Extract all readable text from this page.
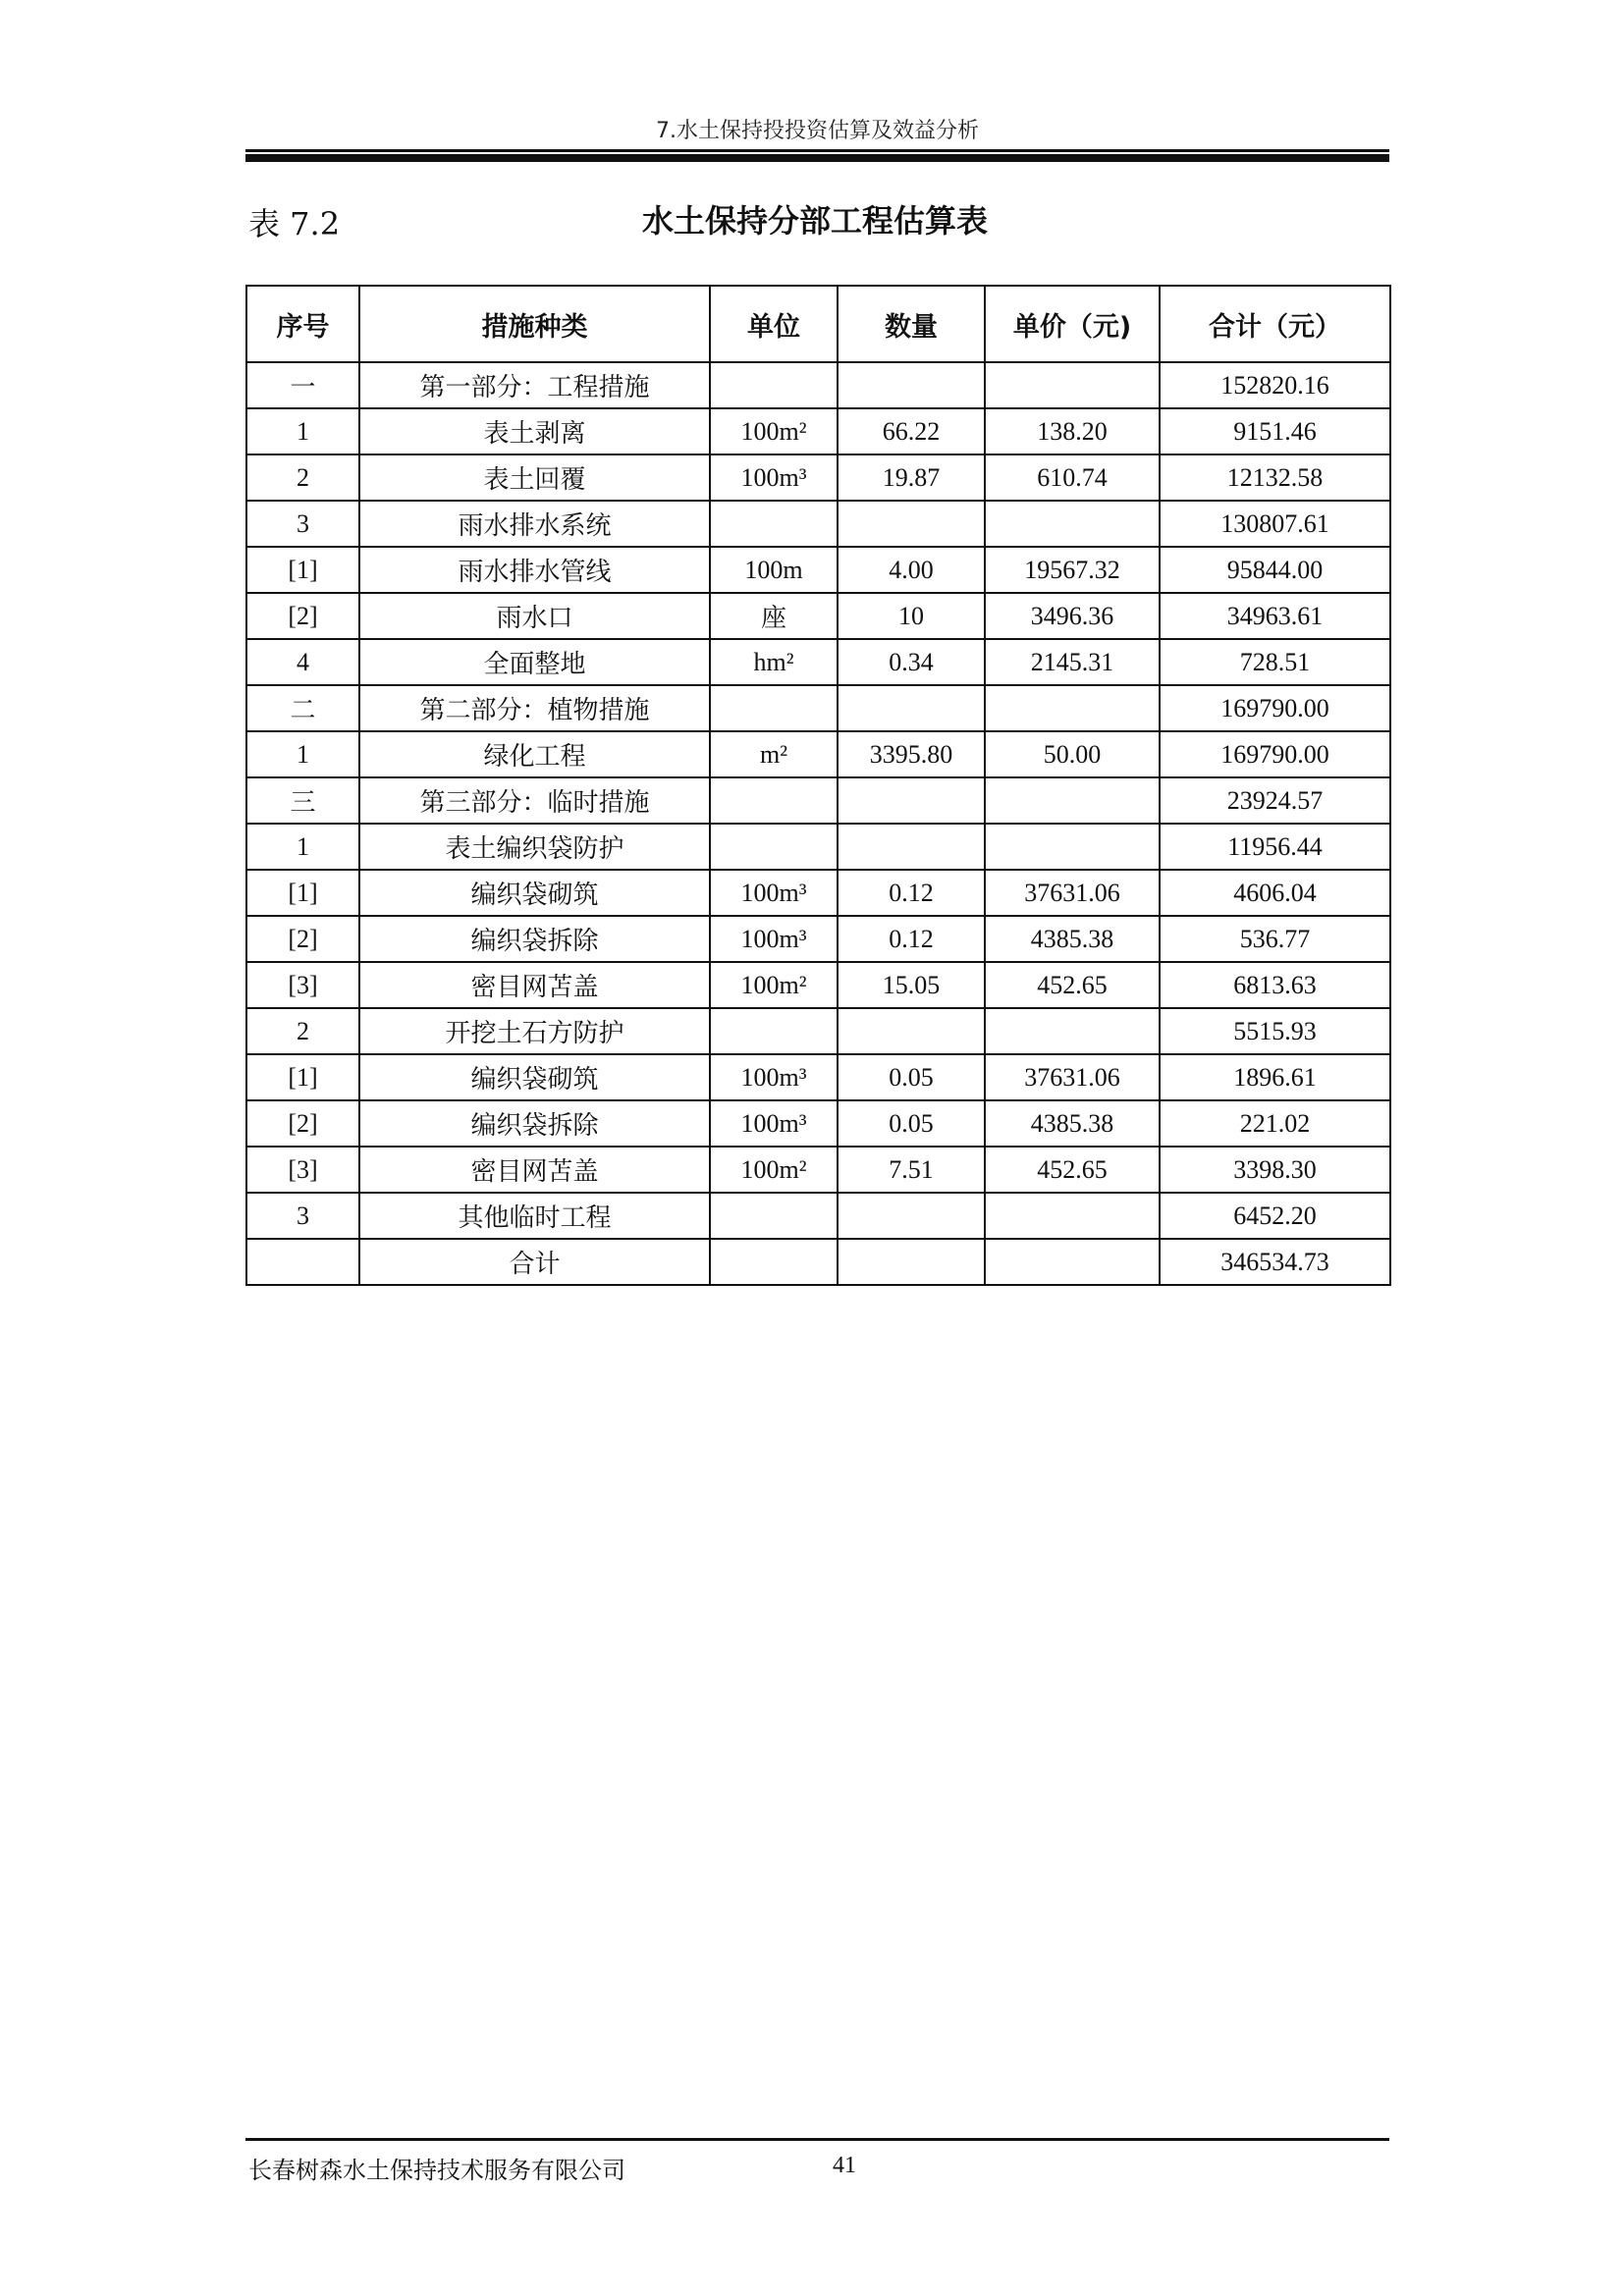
7.水土保持投投资估算及效益分析
表 7.2	水土保持分部工程估算表
序号	措施种类	单位	数量	单价（元)	合计（元）
一	第一部分：工程措施				152820.16
1	表土剥离	100m²	66.22	138.20	9151.46
2	表土回覆	100m³	19.87	610.74	12132.58
3	雨水排水系统				130807.61
[1]	雨水排水管线	100m	4.00	19567.32	95844.00
[2]	雨水口	座	10	3496.36	34963.61
4	全面整地	hm²	0.34	2145.31	728.51
二	第二部分：植物措施				169790.00
1	绿化工程	m²	3395.80	50.00	169790.00
三	第三部分：临时措施				23924.57
1	表土编织袋防护				11956.44
[1]	编织袋砌筑	100m³	0.12	37631.06	4606.04
[2]	编织袋拆除	100m³	0.12	4385.38	536.77
[3]	密目网苫盖	100m²	15.05	452.65	6813.63
2	开挖土石方防护				5515.93
[1]	编织袋砌筑	100m³	0.05	37631.06	1896.61
[2]	编织袋拆除	100m³	0.05	4385.38	221.02
[3]	密目网苫盖	100m²	7.51	452.65	3398.30
3	其他临时工程				6452.20
	合计				346534.73
长春树森水土保持技术服务有限公司	41
